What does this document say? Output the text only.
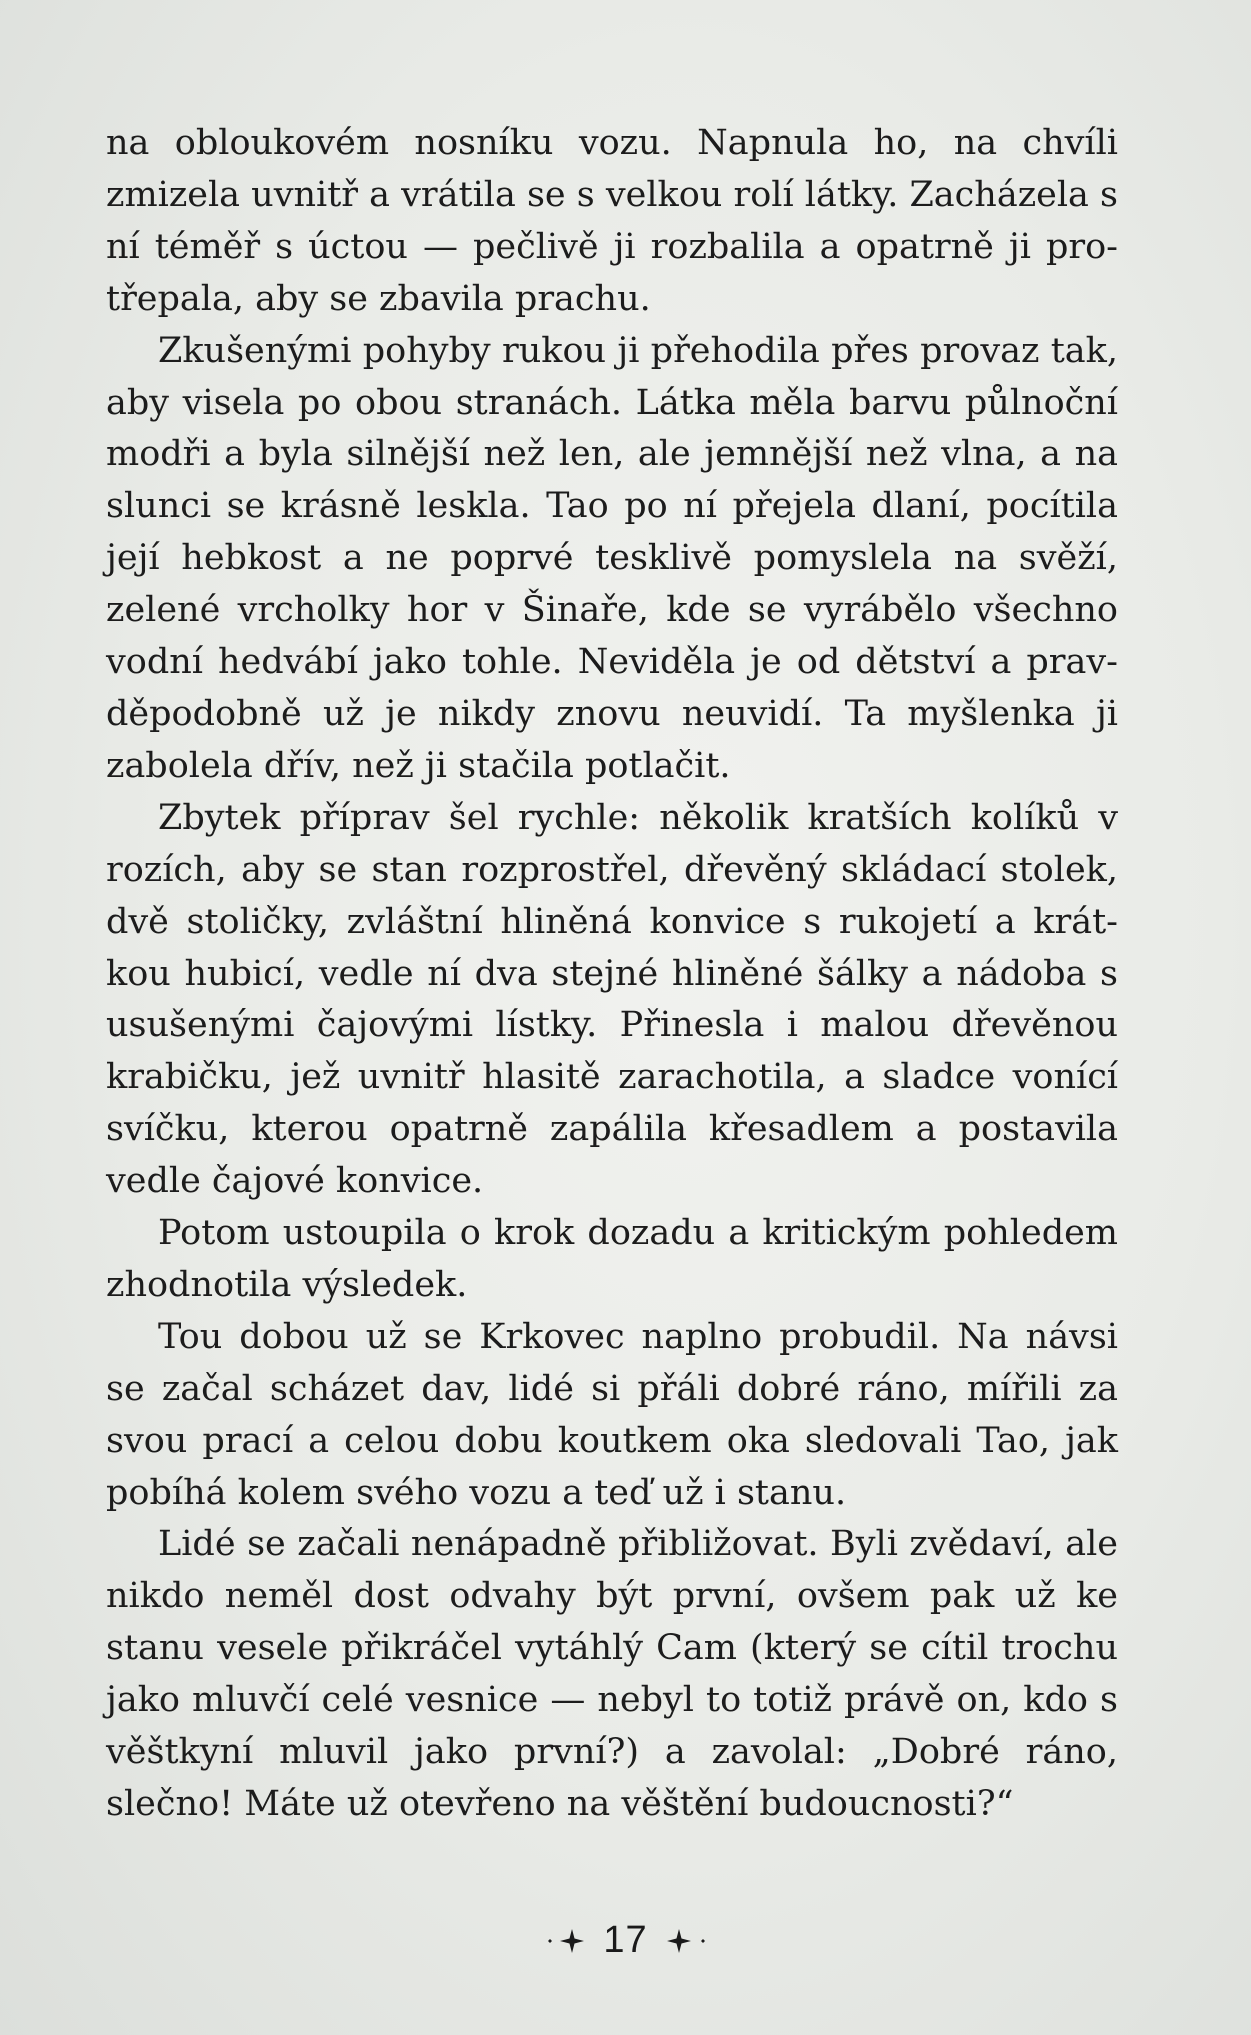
na obloukovém nosníku vozu. Napnula ho, na chvíli zmizela uvnitř a vrátila se s velkou rolí látky. Zacházela s ní téměř s úctou — pečlivě ji rozbalila a opatrně ji protřepala, aby se zbavila prachu.

Zkušenými pohyby rukou ji přehodila přes provaz tak, aby visela po obou stranách. Látka měla barvu půlnoční modři a byla silnější než len, ale jemnější než vlna, a na slunci se krásně leskla. Tao po ní přejela dlaní, pocítila její hebkost a ne poprvé tesklivě pomyslela na svěží, zelené vrcholky hor v Šinaře, kde se vyrábělo všechno vodní hedvábí jako tohle. Neviděla je od dětství a pravděpodobně už je nikdy znovu neuvidí. Ta myšlenka ji zabolela dřív, než ji stačila potlačit.

Zbytek příprav šel rychle: několik kratších kolíků v rozích, aby se stan rozprostřel, dřevěný skládací stolek, dvě stoličky, zvláštní hliněná konvice s rukojetí a krátkou hubicí, vedle ní dva stejné hliněné šálky a nádoba s usušenými čajovými lístky. Přinesla i malou dřevěnou krabičku, jež uvnitř hlasitě zarachotila, a sladce vonící svíčku, kterou opatrně zapálila křesadlem a postavila vedle čajové konvice.

Potom ustoupila o krok dozadu a kritickým pohledem zhodnotila výsledek.

Tou dobou už se Krkovec naplno probudil. Na návsi se začal scházet dav, lidé si přáli dobré ráno, mířili za svou prací a celou dobu koutkem oka sledovali Tao, jak pobíhá kolem svého vozu a teď už i stanu.

Lidé se začali nenápadně přibližovat. Byli zvědaví, ale nikdo neměl dost odvahy být první, ovšem pak už ke stanu vesele přikráčel vytáhlý Cam (který se cítil trochu jako mluvčí celé vesnice — nebyl to totiž právě on, kdo s věštkyní mluvil jako první?) a zavolal: „Dobré ráno, slečno! Máte už otevřeno na věštění budoucnosti?“

17
